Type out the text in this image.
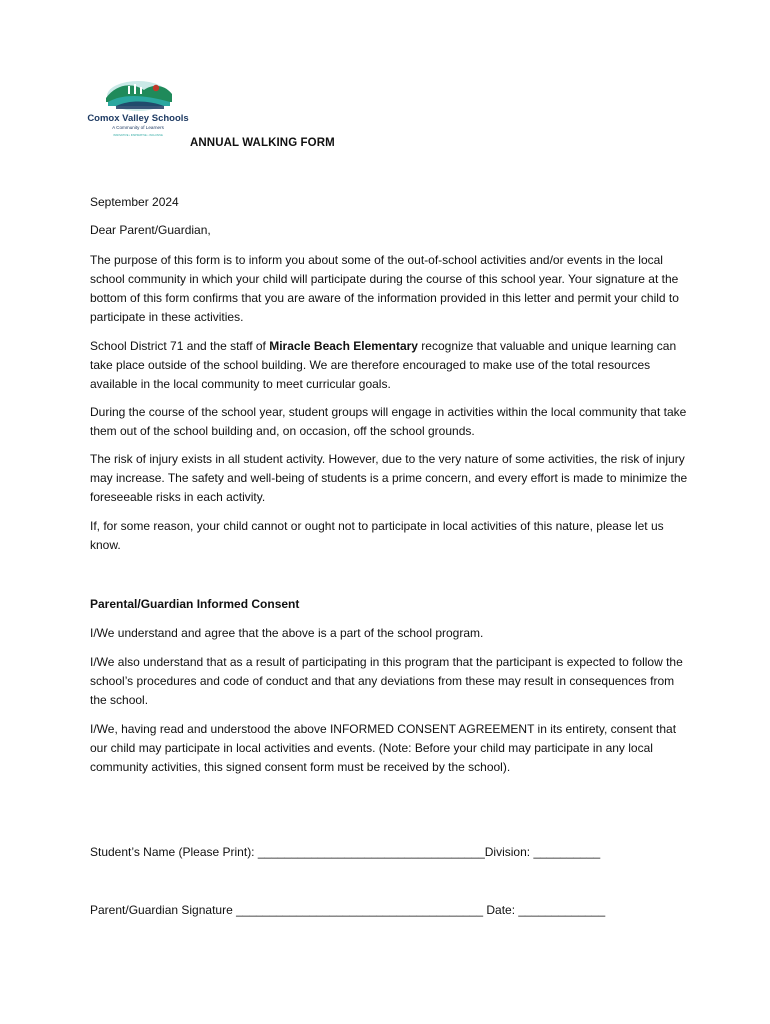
Comox Valley Schools
A Community of Learners
INNOVATIVE • INSPIRATIVE • INCLUSIVE
ANNUAL WALKING FORM

September 2024

Dear Parent/Guardian,

The purpose of this form is to inform you about some of the out-of-school activities and/or events in the local school community in which your child will participate during the course of this school year. Your signature at the bottom of this form confirms that you are aware of the information provided in this letter and permit your child to participate in these activities.

School District 71 and the staff of Miracle Beach Elementary recognize that valuable and unique learning can take place outside of the school building. We are therefore encouraged to make use of the total resources available in the local community to meet curricular goals.

During the course of the school year, student groups will engage in activities within the local community that take them out of the school building and, on occasion, off the school grounds.

The risk of injury exists in all student activity. However, due to the very nature of some activities, the risk of injury may increase. The safety and well-being of students is a prime concern, and every effort is made to minimize the foreseeable risks in each activity.

If, for some reason, your child cannot or ought not to participate in local activities of this nature, please let us know.

Parental/Guardian Informed Consent

I/We understand and agree that the above is a part of the school program.

I/We also understand that as a result of participating in this program that the participant is expected to follow the school’s procedures and code of conduct and that any deviations from these may result in consequences from the school.

I/We, having read and understood the above INFORMED CONSENT AGREEMENT in its entirety, consent that our child may participate in local activities and events. (Note: Before your child may participate in any local community activities, this signed consent form must be received by the school).

Student’s Name (Please Print): __________________________________Division: __________
Parent/Guardian Signature _____________________________________ Date: _____________
